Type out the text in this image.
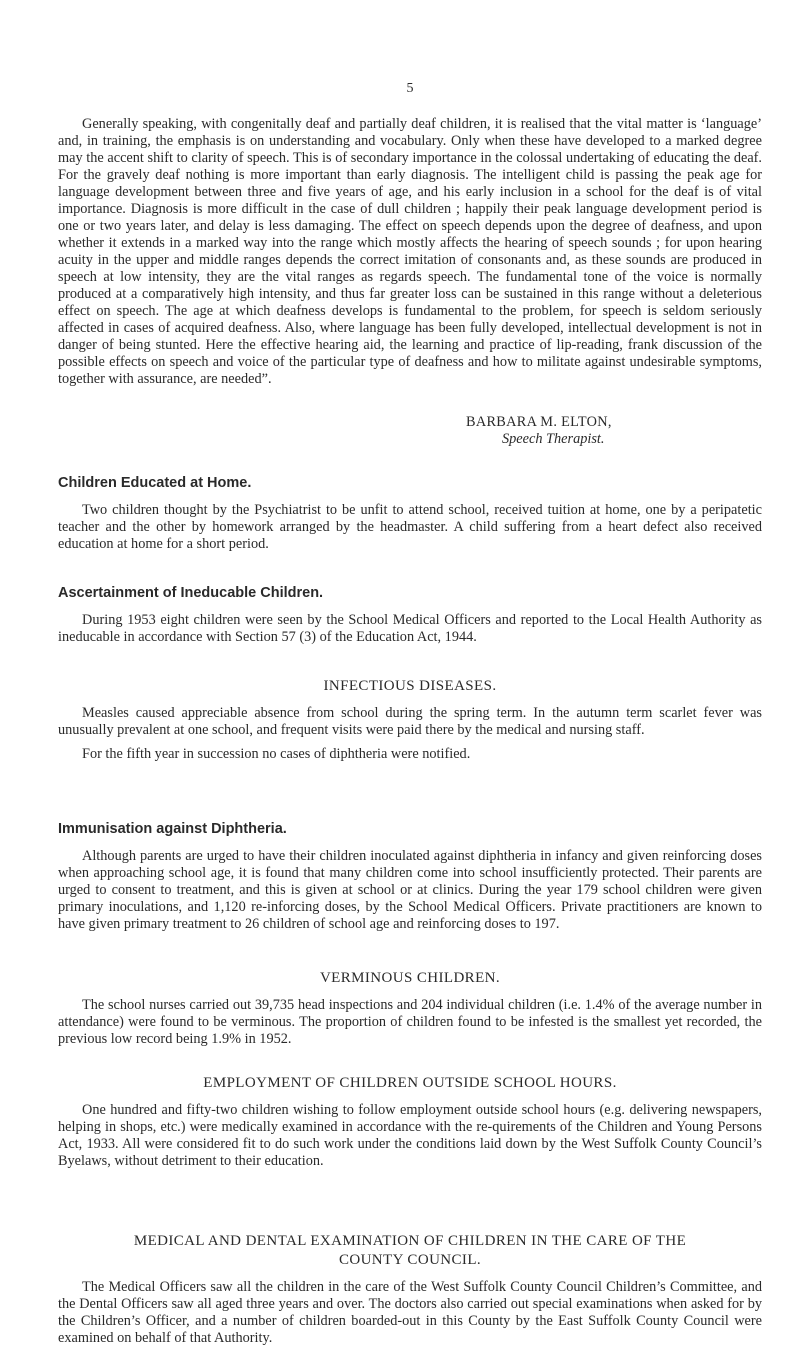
5

Generally speaking, with congenitally deaf and partially deaf children, it is realised that the vital matter is ‘language’ and, in training, the emphasis is on understanding and vocabulary. Only when these have developed to a marked degree may the accent shift to clarity of speech. This is of secondary importance in the colossal undertaking of educating the deaf. For the gravely deaf nothing is more important than early diagnosis. The intelligent child is passing the peak age for language development between three and five years of age, and his early inclusion in a school for the deaf is of vital importance. Diagnosis is more difficult in the case of dull children ; happily their peak language development period is one or two years later, and delay is less damaging. The effect on speech depends upon the degree of deafness, and upon whether it extends in a marked way into the range which mostly affects the hearing of speech sounds ; for upon hearing acuity in the upper and middle ranges depends the correct imitation of consonants and, as these sounds are produced in speech at low intensity, they are the vital ranges as regards speech. The fundamental tone of the voice is normally produced at a comparatively high intensity, and thus far greater loss can be sustained in this range without a deleterious effect on speech. The age at which deafness develops is fundamental to the problem, for speech is seldom seriously affected in cases of acquired deafness. Also, where language has been fully developed, intellectual development is not in danger of being stunted. Here the effective hearing aid, the learning and practice of lip-reading, frank discussion of the possible effects on speech and voice of the particular type of deafness and how to militate against undesirable symptoms, together with assurance, are needed”.

BARBARA M. ELTON,
Speech Therapist.
Children Educated at Home.

Two children thought by the Psychiatrist to be unfit to attend school, received tuition at home, one by a peripatetic teacher and the other by homework arranged by the headmaster. A child suffering from a heart defect also received education at home for a short period.

Ascertainment of Ineducable Children.

During 1953 eight children were seen by the School Medical Officers and reported to the Local Health Authority as ineducable in accordance with Section 57 (3) of the Education Act, 1944.

INFECTIOUS DISEASES.

Measles caused appreciable absence from school during the spring term. In the autumn term scarlet fever was unusually prevalent at one school, and frequent visits were paid there by the medical and nursing staff.

For the fifth year in succession no cases of diphtheria were notified.

Immunisation against Diphtheria.

Although parents are urged to have their children inoculated against diphtheria in infancy and given reinforcing doses when approaching school age, it is found that many children come into school insufficiently protected. Their parents are urged to consent to treatment, and this is given at school or at clinics. During the year 179 school children were given primary inoculations, and 1,120 re-inforcing doses, by the School Medical Officers. Private practitioners are known to have given primary treatment to 26 children of school age and reinforcing doses to 197.

VERMINOUS CHILDREN.

The school nurses carried out 39,735 head inspections and 204 individual children (i.e. 1.4% of the average number in attendance) were found to be verminous. The proportion of children found to be infested is the smallest yet recorded, the previous low record being 1.9% in 1952.

EMPLOYMENT OF CHILDREN OUTSIDE SCHOOL HOURS.

One hundred and fifty-two children wishing to follow employment outside school hours (e.g. delivering newspapers, helping in shops, etc.) were medically examined in accordance with the re-quirements of the Children and Young Persons Act, 1933. All were considered fit to do such work under the conditions laid down by the West Suffolk County Council’s Byelaws, without detriment to their education.

MEDICAL AND DENTAL EXAMINATION OF CHILDREN IN THE CARE OF THE
COUNTY COUNCIL.

The Medical Officers saw all the children in the care of the West Suffolk County Council Children’s Committee, and the Dental Officers saw all aged three years and over. The doctors also carried out special examinations when asked for by the Children’s Officer, and a number of children boarded-out in this County by the East Suffolk County Council were examined on behalf of that Authority.
